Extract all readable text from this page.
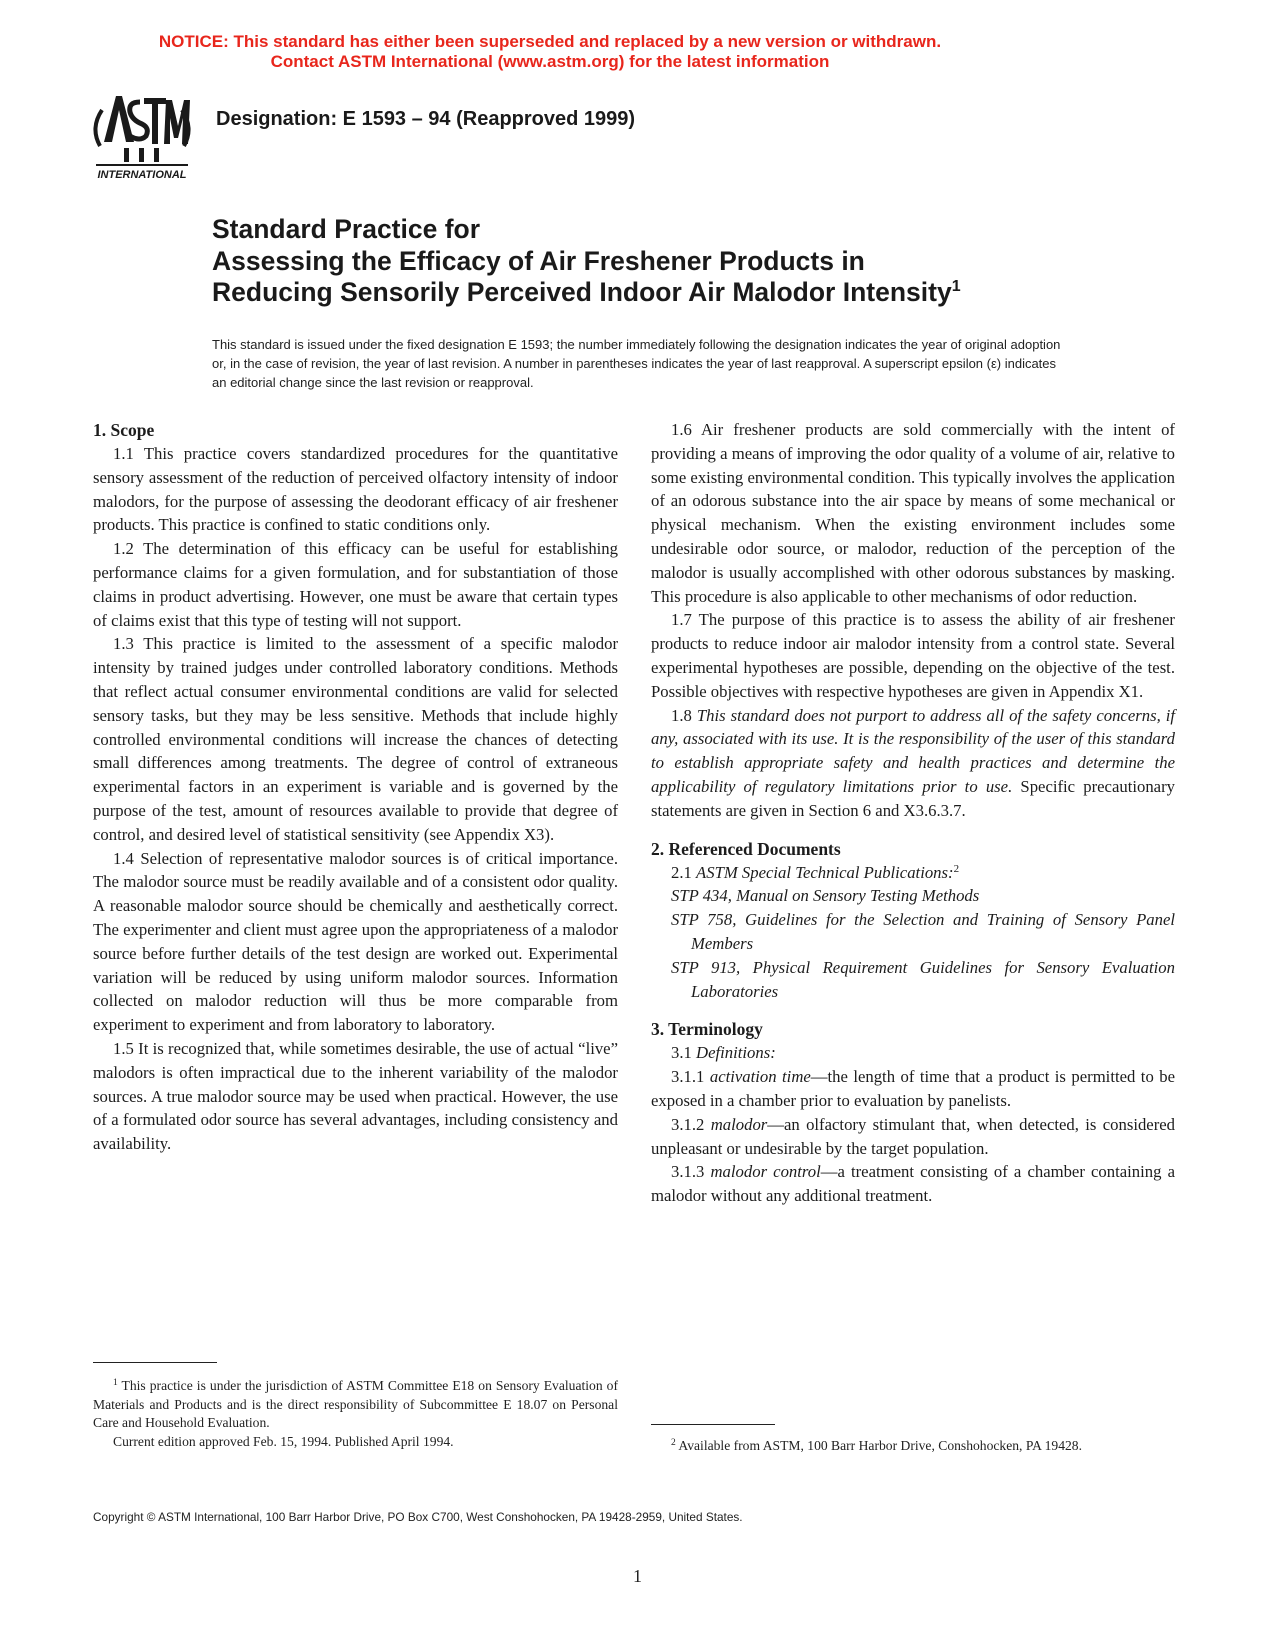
NOTICE: This standard has either been superseded and replaced by a new version or withdrawn.
Contact ASTM International (www.astm.org) for the latest information
INTERNATIONAL
Designation: E 1593 – 94 (Reapproved 1999)
Standard Practice for
Assessing the Efficacy of Air Freshener Products in
Reducing Sensorily Perceived Indoor Air Malodor Intensity$^1$
This standard is issued under the fixed designation E 1593; the number immediately following the designation indicates the year of original adoption or, in the case of revision, the year of last revision. A number in parentheses indicates the year of last reapproval. A superscript epsilon (ε) indicates an editorial change since the last revision or reapproval.
1. Scope

1.1 This practice covers standardized procedures for the quantitative sensory assessment of the reduction of perceived olfactory intensity of indoor malodors, for the purpose of assessing the deodorant efficacy of air freshener products. This practice is confined to static conditions only.

1.2 The determination of this efficacy can be useful for establishing performance claims for a given formulation, and for substantiation of those claims in product advertising. However, one must be aware that certain types of claims exist that this type of testing will not support.

1.3 This practice is limited to the assessment of a specific malodor intensity by trained judges under controlled laboratory conditions. Methods that reflect actual consumer environmental conditions are valid for selected sensory tasks, but they may be less sensitive. Methods that include highly controlled environmental conditions will increase the chances of detecting small differences among treatments. The degree of control of extraneous experimental factors in an experiment is variable and is governed by the purpose of the test, amount of resources available to provide that degree of control, and desired level of statistical sensitivity (see Appendix X3).

1.4 Selection of representative malodor sources is of critical importance. The malodor source must be readily available and of a consistent odor quality. A reasonable malodor source should be chemically and aesthetically correct. The experimenter and client must agree upon the appropriateness of a malodor source before further details of the test design are worked out. Experimental variation will be reduced by using uniform malodor sources. Information collected on malodor reduction will thus be more comparable from experiment to experiment and from laboratory to laboratory.

1.5 It is recognized that, while sometimes desirable, the use of actual “live” malodors is often impractical due to the inherent variability of the malodor sources. A true malodor source may be used when practical. However, the use of a formulated odor source has several advantages, including consistency and availability.

1.6 Air freshener products are sold commercially with the intent of providing a means of improving the odor quality of a volume of air, relative to some existing environmental condition. This typically involves the application of an odorous substance into the air space by means of some mechanical or physical mechanism. When the existing environment includes some undesirable odor source, or malodor, reduction of the perception of the malodor is usually accomplished with other odorous substances by masking. This procedure is also applicable to other mechanisms of odor reduction.

1.7 The purpose of this practice is to assess the ability of air freshener products to reduce indoor air malodor intensity from a control state. Several experimental hypotheses are possible, depending on the objective of the test. Possible objectives with respective hypotheses are given in Appendix X1.

1.8 This standard does not purport to address all of the safety concerns, if any, associated with its use. It is the responsibility of the user of this standard to establish appropriate safety and health practices and determine the applicability of regulatory limitations prior to use. Specific precautionary statements are given in Section 6 and X3.6.3.7.

2. Referenced Documents

2.1 ASTM Special Technical Publications:$^2$

STP 434, Manual on Sensory Testing Methods

STP 758, Guidelines for the Selection and Training of Sensory Panel Members

STP 913, Physical Requirement Guidelines for Sensory Evaluation Laboratories

3. Terminology

3.1 Definitions:

3.1.1 activation time—the length of time that a product is permitted to be exposed in a chamber prior to evaluation by panelists.

3.1.2 malodor—an olfactory stimulant that, when detected, is considered unpleasant or undesirable by the target population.

3.1.3 malodor control—a treatment consisting of a chamber containing a malodor without any additional treatment.

$^1$ This practice is under the jurisdiction of ASTM Committee E18 on Sensory Evaluation of Materials and Products and is the direct responsibility of Subcommittee E 18.07 on Personal Care and Household Evaluation.

Current edition approved Feb. 15, 1994. Published April 1994.	$^2$ Available from ASTM, 100 Barr Harbor Drive, Conshohocken, PA 19428.

Copyright © ASTM International, 100 Barr Harbor Drive, PO Box C700, West Conshohocken, PA 19428-2959, United States.
1
